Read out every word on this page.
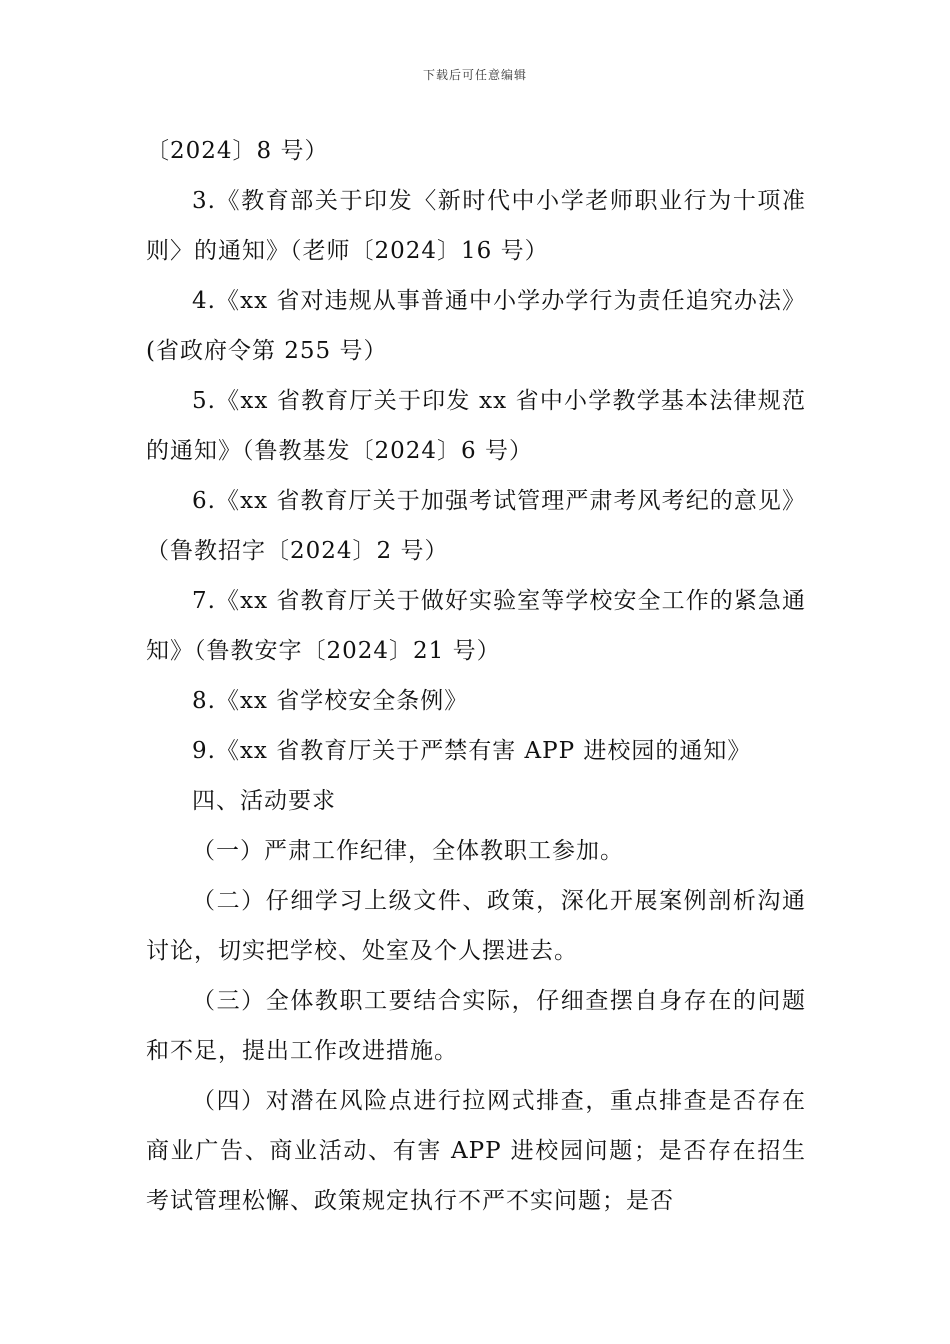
下载后可任意编辑

〔2024〕8 号）

3.《教育部关于印发〈新时代中小学老师职业行为十项准则〉的通知》（老师〔2024〕16 号）

4.《xx 省对违规从事普通中小学办学行为责任追究办法》(省政府令第 255 号）

5.《xx 省教育厅关于印发 xx 省中小学教学基本法律规范的通知》（鲁教基发〔2024〕6 号）

6.《xx 省教育厅关于加强考试管理严肃考风考纪的意见》（鲁教招字〔2024〕2 号）

7.《xx 省教育厅关于做好实验室等学校安全工作的紧急通知》（鲁教安字〔2024〕21 号）

8.《xx 省学校安全条例》

9.《xx 省教育厅关于严禁有害 APP 进校园的通知》

四、活动要求

（一）严肃工作纪律，全体教职工参加。

（二）仔细学习上级文件、政策，深化开展案例剖析沟通讨论，切实把学校、处室及个人摆进去。

（三）全体教职工要结合实际，仔细查摆自身存在的问题和不足，提出工作改进措施。

（四）对潜在风险点进行拉网式排查，重点排查是否存在商业广告、商业活动、有害 APP 进校园问题；是否存在招生考试管理松懈、政策规定执行不严不实问题；是否
